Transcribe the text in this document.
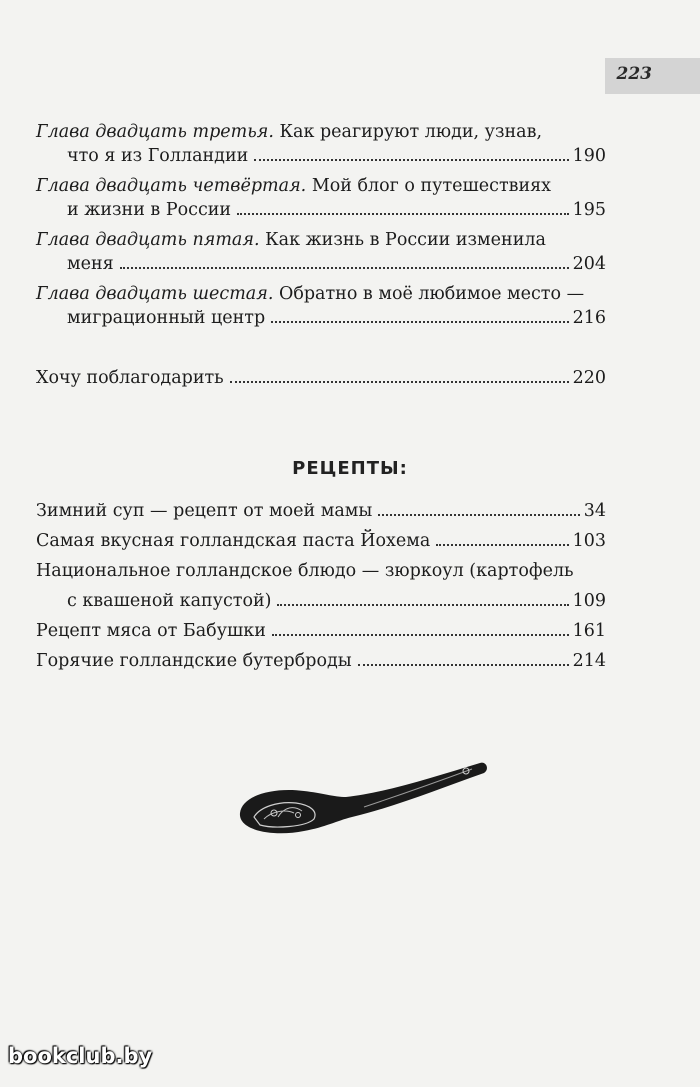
223
Глава двадцать третья. Как реагируют люди, узнав,
что я из Голландии	190
Глава двадцать четвёртая. Мой блог о путешествиях
и жизни в России	195
Глава двадцать пятая. Как жизнь в России изменила
меня	204
Глава двадцать шестая. Обратно в моё любимое место —
миграционный центр	216
Хочу поблагодарить	220
РЕЦЕПТЫ:
Зимний суп — рецепт от моей мамы	34
Самая вкусная голландская паста Йохема	103
Национальное голландское блюдо — зюркоул (картофель
с квашеной капустой)	109
Рецепт мяса от Бабушки	161
Горячие голландские бутерброды	214
bookclub.by
